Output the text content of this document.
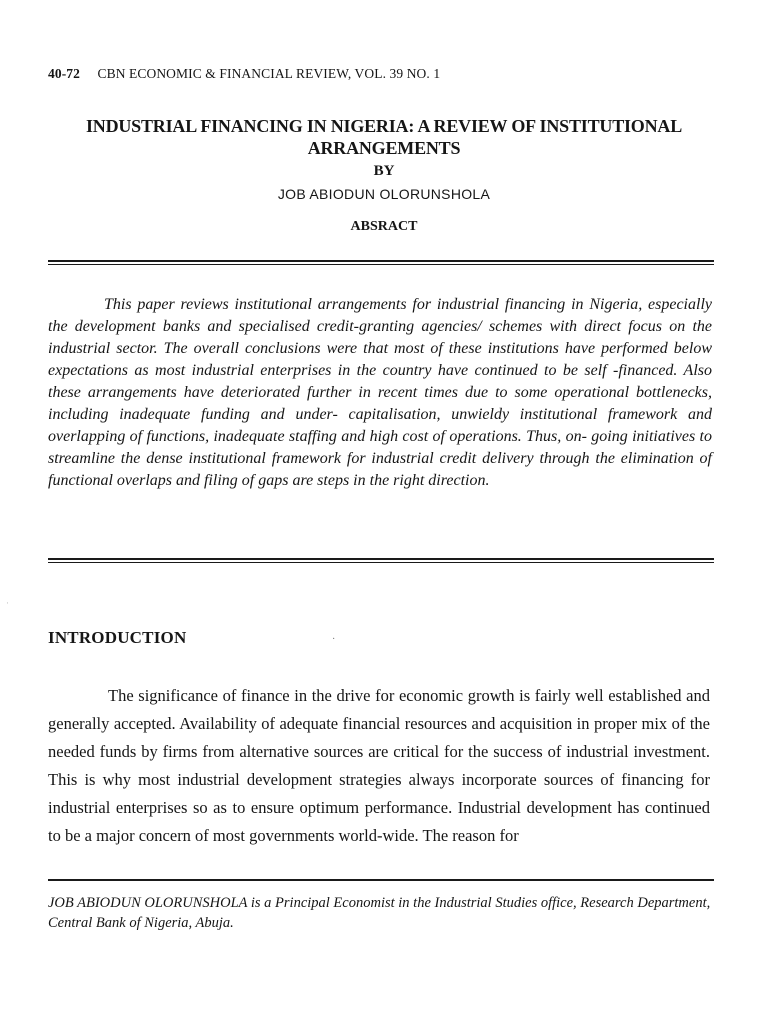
40-72 CBN ECONOMIC & FINANCIAL REVIEW, VOL. 39 NO. 1
INDUSTRIAL FINANCING IN NIGERIA: A REVIEW OF INSTITUTIONAL ARRANGEMENTS
BY
JOB ABIODUN OLORUNSHOLA
ABSRACT
This paper reviews institutional arrangements for industrial financing in Nigeria, especially the development banks and specialised credit-granting agencies/ schemes with direct focus on the industrial sector. The overall conclusions were that most of these institutions have performed below expectations as most industrial enterprises in the country have continued to be self -financed. Also these arrangements have deteriorated further in recent times due to some operational bottlenecks, including inadequate funding and under- capitalisation, unwieldy institutional framework and overlapping of functions, inadequate staffing and high cost of operations. Thus, on- going initiatives to streamline the dense institutional framework for industrial credit delivery through the elimination of functional overlaps and filing of gaps are steps in the right direction.
·
INTRODUCTION	·
The significance of finance in the drive for economic growth is fairly well established and generally accepted. Availability of adequate financial resources and acquisition in proper mix of the needed funds by firms from alternative sources are critical for the success of industrial investment. This is why most industrial development strategies always incorporate sources of financing for industrial enterprises so as to ensure optimum performance. Industrial development has continued to be a major concern of most governments world-wide. The reason for
JOB ABIODUN OLORUNSHOLA is a Principal Economist in the Industrial Studies office, Research Department, Central Bank of Nigeria, Abuja.
